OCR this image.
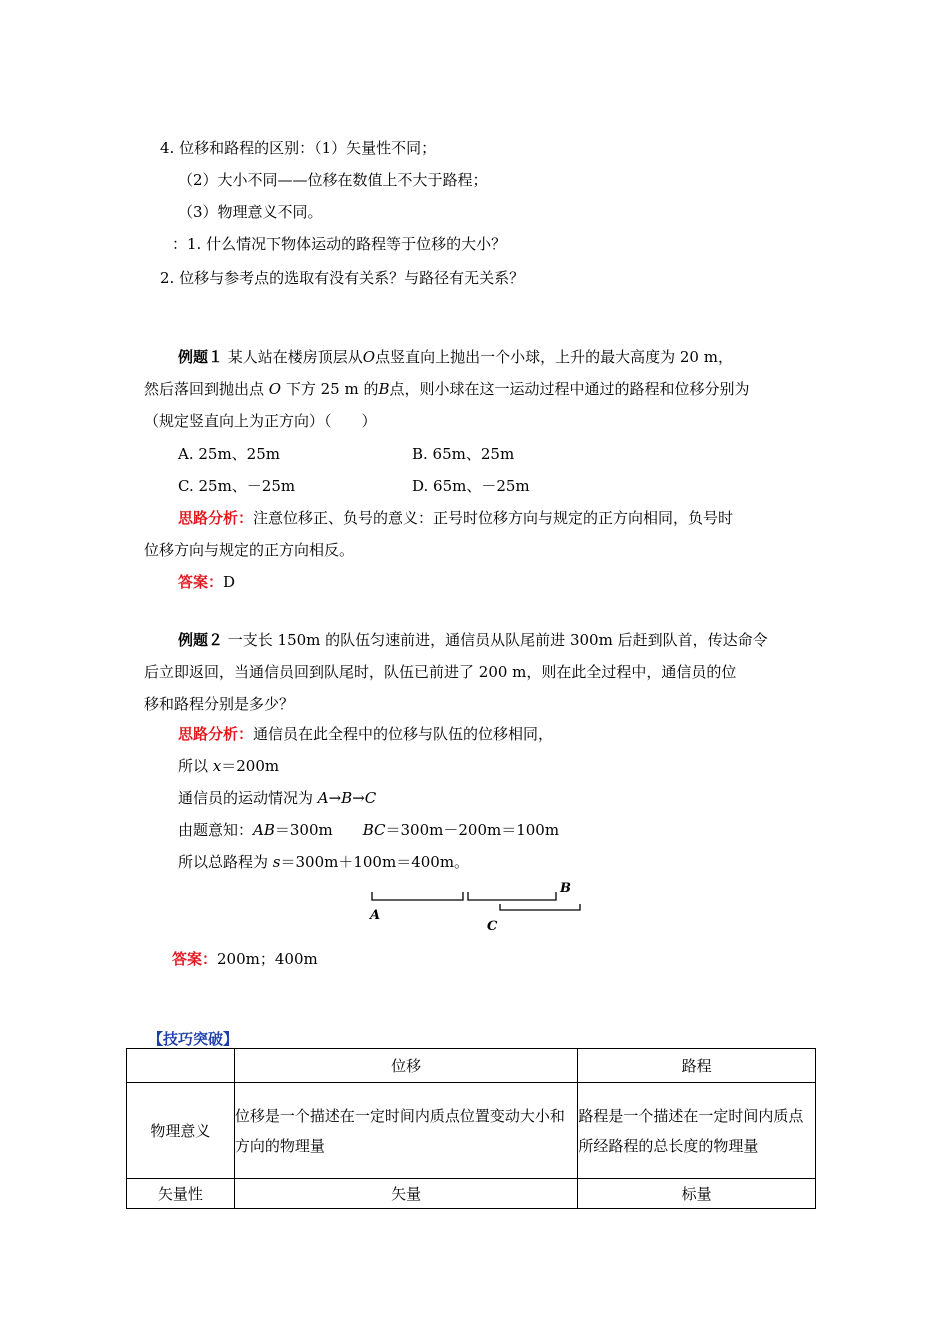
4. 位移和路程的区别：（1）矢量性不同；
（2）大小不同——位移在数值上不大于路程；
（3）物理意义不同。
：1. 什么情况下物体运动的路程等于位移的大小？
2. 位移与参考点的选取有没有关系？与路径有无关系？
例题１ 某人站在楼房顶层从O点竖直向上抛出一个小球，上升的最大高度为 20 m，
然后落回到抛出点 O 下方 25 m 的B点，则小球在这一运动过程中通过的路程和位移分别为
（规定竖直向上为正方向）（　　）
A. 25m、25m	B. 65m、25m
C. 25m、－25m	D. 65m、－25m
思路分析：注意位移正、负号的意义：正号时位移方向与规定的正方向相同，负号时
位移方向与规定的正方向相反。
答案：D
例题２ 一支长 150m 的队伍匀速前进，通信员从队尾前进 300m 后赶到队首，传达命令
后立即返回，当通信员回到队尾时，队伍已前进了 200 m，则在此全过程中，通信员的位
移和路程分别是多少？
思路分析：通信员在此全程中的位移与队伍的位移相同，
所以 x＝200m
通信员的运动情况为 A→B→C
由题意知：AB＝300m　　BC＝300m－200m＝100m
所以总路程为 s＝300m＋100m＝400m。
A
B
C
答案：200m；400m
【技巧突破】
	位移	路程
物理意义	位移是一个描述在一定时间内质点位置变动大小和方向的物理量	路程是一个描述在一定时间内质点所经路程的总长度的物理量
矢量性	矢量	标量
